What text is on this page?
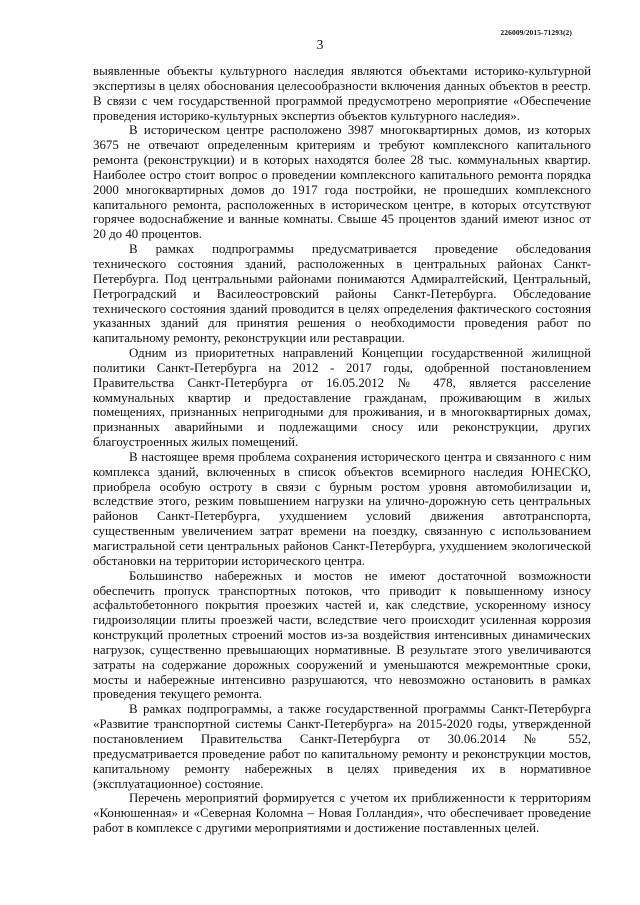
226009/2015-71293(2)
3

выявленные объекты культурного наследия являются объектами историко-культурной экспертизы в целях обоснования целесообразности включения данных объектов в реестр. В связи с чем государственной программой предусмотрено мероприятие «Обеспечение проведения историко-культурных экспертиз объектов культурного наследия».

В историческом центре расположено 3987 многоквартирных домов, из которых 3675 не отвечают определенным критериям и требуют комплексного капитального ремонта (реконструкции) и в которых находятся более 28 тыс. коммунальных квартир. Наиболее остро стоит вопрос о проведении комплексного капитального ремонта порядка 2000 многоквартирных домов до 1917 года постройки, не прошедших комплексного капитального ремонта, расположенных в историческом центре, в которых отсутствуют горячее водоснабжение и ванные комнаты. Свыше 45 процентов зданий имеют износ от 20 до 40 процентов.

В рамках подпрограммы предусматривается проведение обследования технического состояния зданий, расположенных в центральных районах Санкт-Петербурга. Под центральными районами понимаются Адмиралтейский, Центральный, Петроградский и Василеостровский районы Санкт-Петербурга. Обследование технического состояния зданий проводится в целях определения фактического состояния указанных зданий для принятия решения о необходимости проведения работ по капитальному ремонту, реконструкции или реставрации.

Одним из приоритетных направлений Концепции государственной жилищной политики Санкт-Петербурга на 2012 - 2017 годы, одобренной постановлением Правительства Санкт-Петербурга от 16.05.2012 № 478, является расселение коммунальных квартир и предоставление гражданам, проживающим в жилых помещениях, признанных непригодными для проживания, и в многоквартирных домах, признанных аварийными и подлежащими сносу или реконструкции, других благоустроенных жилых помещений.

В настоящее время проблема сохранения исторического центра и связанного с ним комплекса зданий, включенных в список объектов всемирного наследия ЮНЕСКО, приобрела особую остроту в связи с бурным ростом уровня автомобилизации и, вследствие этого, резким повышением нагрузки на улично-дорожную сеть центральных районов Санкт-Петербурга, ухудшением условий движения автотранспорта, существенным увеличением затрат времени на поездку, связанную с использованием магистральной сети центральных районов Санкт-Петербурга, ухудшением экологической обстановки на территории исторического центра.

Большинство набережных и мостов не имеют достаточной возможности обеспечить пропуск транспортных потоков, что приводит к повышенному износу асфальтобетонного покрытия проезжих частей и, как следствие, ускоренному износу гидроизоляции плиты проезжей части, вследствие чего происходит усиленная коррозия конструкций пролетных строений мостов из-за воздействия интенсивных динамических нагрузок, существенно превышающих нормативные. В результате этого увеличиваются затраты на содержание дорожных сооружений и уменьшаются межремонтные сроки, мосты и набережные интенсивно разрушаются, что невозможно остановить в рамках проведения текущего ремонта.

В рамках подпрограммы, а также государственной программы Санкт-Петербурга «Развитие транспортной системы Санкт-Петербурга» на 2015-2020 годы, утвержденной постановлением Правительства Санкт-Петербурга от 30.06.2014 № 552, предусматривается проведение работ по капитальному ремонту и реконструкции мостов, капитальному ремонту набережных в целях приведения их в нормативное (эксплуатационное) состояние.

Перечень мероприятий формируется с учетом их приближенности к территориям «Конюшенная» и «Северная Коломна – Новая Голландия», что обеспечивает проведение работ в комплексе с другими мероприятиями и достижение поставленных целей.
